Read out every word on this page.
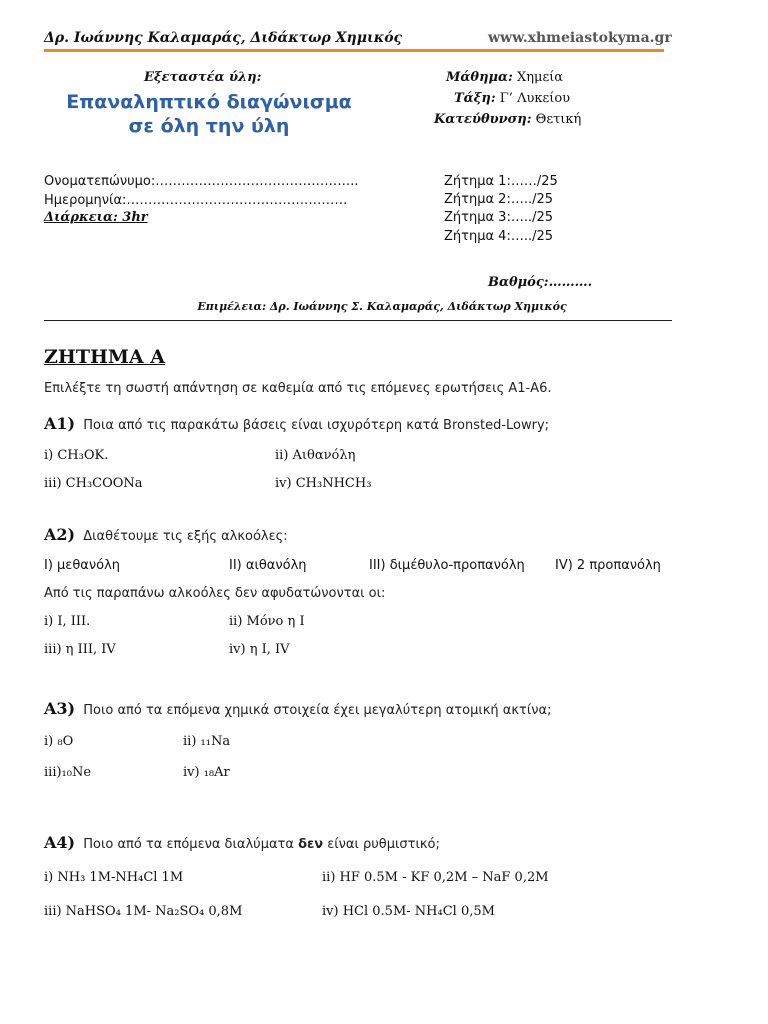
Δρ. Ιωάννης Καλαμαράς, Διδάκτωρ Χημικός	www.xhmeiastokyma.gr
Εξεταστέα ύλη:
Επαναληπτικό διαγώνισμα σε όλη την ύλη
Μάθημα: Χημεία
Τάξη: Γ’ Λυκείου
Κατεύθυνση: Θετική
Ονοματεπώνυμο:………………………………………..
Ημερομηνία:……………………………………………
Διάρκεια: 3hr
Ζήτημα 1:……/25
Ζήτημα 2:…../25
Ζήτημα 3:…../25
Ζήτημα 4:…../25
Βαθμός:……….
Επιμέλεια: Δρ. Ιωάννης Σ. Καλαμαράς, Διδάκτωρ Χημικός
ΖΗΤΗΜΑ Α
Επιλέξτε τη σωστή απάντηση σε καθεμία από τις επόμενες ερωτήσεις Α1-Α6.
Α1) Ποια από τις παρακάτω βάσεις είναι ισχυρότερη κατά Bronsted-Lowry;
i) CH₃OK.	ii) Αιθανόλη
iii) CH₃COONa	iv) CH₃NHCH₃
Α2) Διαθέτουμε τις εξής αλκοόλες:
Ι) μεθανόλη	ΙΙ) αιθανόλη	ΙΙΙ) διμέθυλο-προπανόλη ΙV) 2 προπανόλη
Από τις παραπάνω αλκοόλες δεν αφυδατώνονται οι:
i) Ι, ΙΙΙ.	ii) Μόνο η Ι
iii) η ΙΙΙ, ΙV	iv) η Ι, ΙV
Α3) Ποιο από τα επόμενα χημικά στοιχεία έχει μεγαλύτερη ατομική ακτίνα;
i) ₈O	ii) ₁₁Na
iii)₁₀Ne	iv) ₁₈Ar
Α4) Ποιο από τα επόμενα διαλύματα δεν είναι ρυθμιστικό;
i) NH₃ 1M-NH₄Cl 1M	ii) HF 0.5M - KF 0,2M – NaF 0,2M
iii) NaHSO₄ 1M- Na₂SO₄ 0,8M	iv) HCl 0.5M- NH₄Cl 0,5M
